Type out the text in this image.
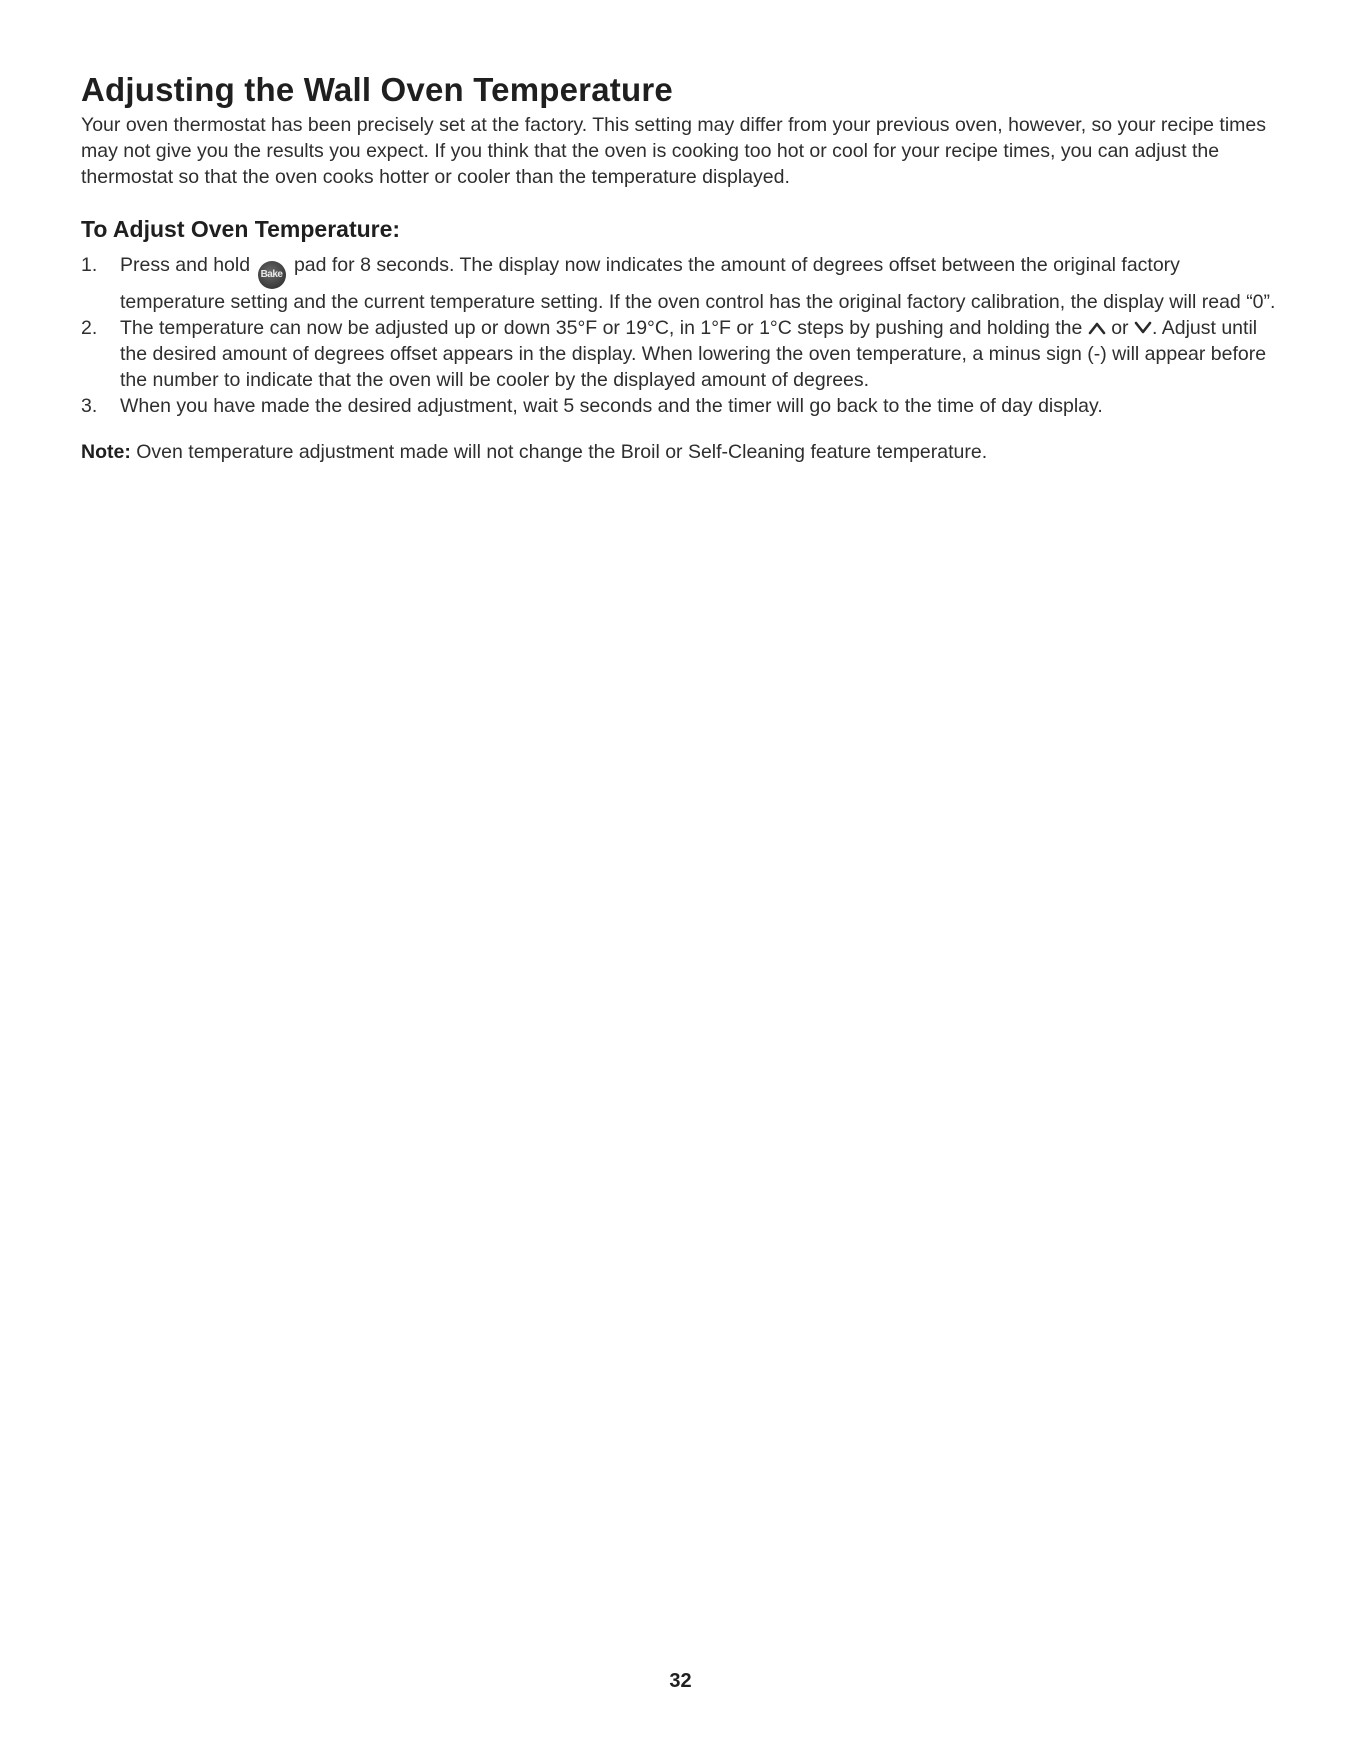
Adjusting the Wall Oven Temperature

Your oven thermostat has been precisely set at the factory. This setting may differ from your previous oven, however, so your recipe times may not give you the results you expect. If you think that the oven is cooking too hot or cool for your recipe times, you can adjust the thermostat so that the oven cooks hotter or cooler than the temperature displayed.

To Adjust Oven Temperature:
1. Press and hold Bake pad for 8 seconds. The display now indicates the amount of degrees offset between the original factory temperature setting and the current temperature setting. If the oven control has the original factory calibration, the display will read “0”.
2. The temperature can now be adjusted up or down 35°F or 19°C, in 1°F or 1°C steps by pushing and holding the or . Adjust until the desired amount of degrees offset appears in the display. When lowering the oven temperature, a minus sign (-) will appear before the number to indicate that the oven will be cooler by the displayed amount of degrees.
3. When you have made the desired adjustment, wait 5 seconds and the timer will go back to the time of day display.

Note: Oven temperature adjustment made will not change the Broil or Self-Cleaning feature temperature.

32
